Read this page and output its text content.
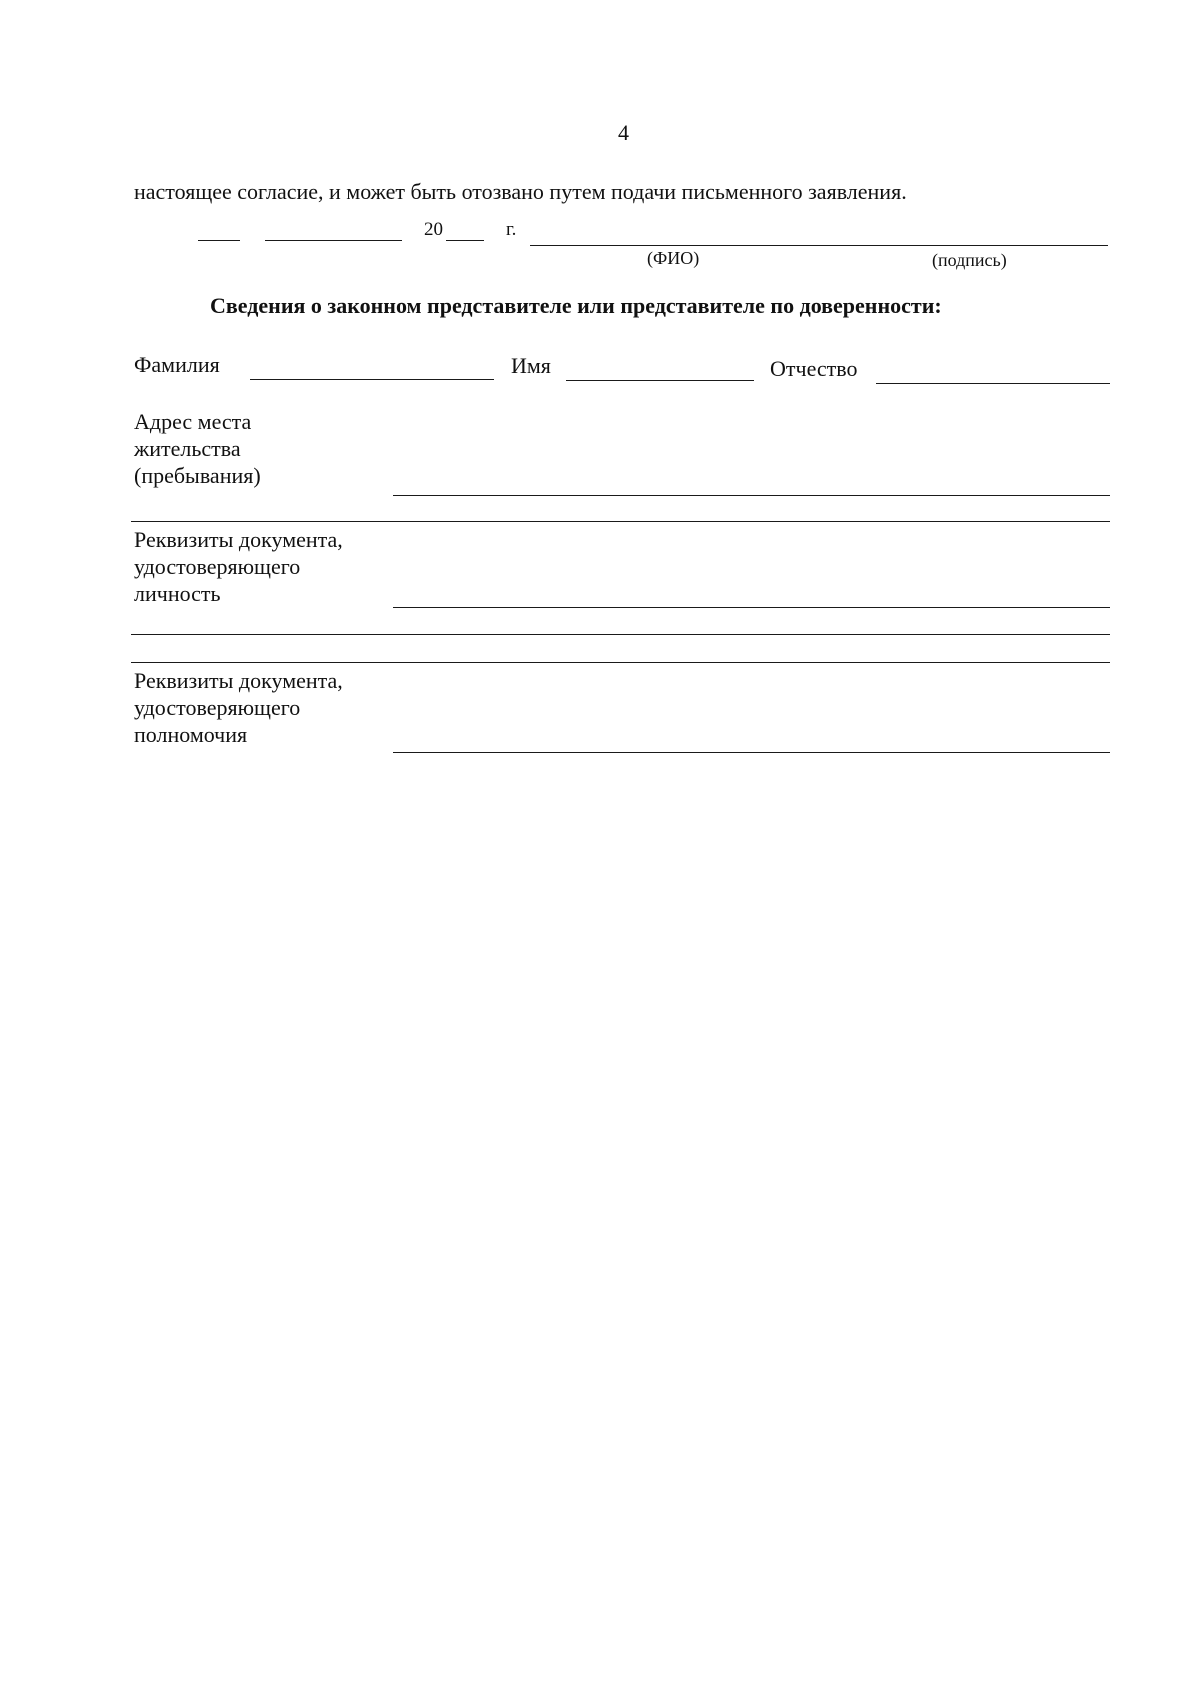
4
настоящее согласие, и может быть отозвано путем подачи письменного заявления.
20	г.
(ФИО)	(подпись)
Сведения о законном представителе или представителе по доверенности:
Фамилия	Имя	Отчество
Адрес места
жительства
(пребывания)
Реквизиты документа,
удостоверяющего
личность
Реквизиты документа,
удостоверяющего
полномочия
